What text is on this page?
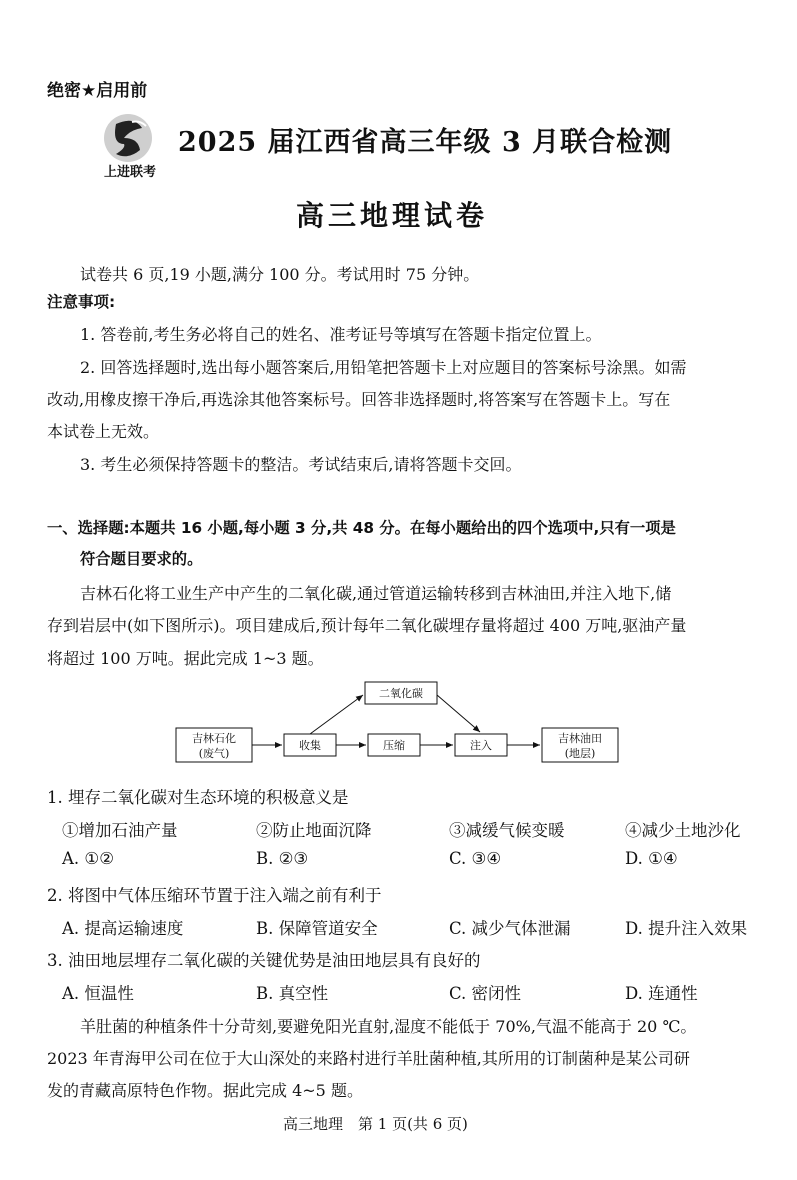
绝密★启用前
上进联考
2025 届江西省高三年级 3 月联合检测
高三地理试卷
试卷共 6 页,19 小题,满分 100 分。考试用时 75 分钟。
注意事项:
1. 答卷前,考生务必将自己的姓名、准考证号等填写在答题卡指定位置上。
2. 回答选择题时,选出每小题答案后,用铅笔把答题卡上对应题目的答案标号涂黑。如需
改动,用橡皮擦干净后,再选涂其他答案标号。回答非选择题时,将答案写在答题卡上。写在
本试卷上无效。
3. 考生必须保持答题卡的整洁。考试结束后,请将答题卡交回。
一、选择题:本题共 16 小题,每小题 3 分,共 48 分。在每小题给出的四个选项中,只有一项是
符合题目要求的。
吉林石化将工业生产中产生的二氧化碳,通过管道运输转移到吉林油田,并注入地下,储
存到岩层中(如下图所示)。项目建成后,预计每年二氧化碳埋存量将超过 400 万吨,驱油产量
将超过 100 万吨。据此完成 1~3 题。
吉林石化
(废气)
收集	压缩	注入
二氧化碳
吉林油田
(地层)
1. 埋存二氧化碳对生态环境的积极意义是
①增加石油产量	②防止地面沉降	③减缓气候变暖	④减少土地沙化
A. ①②	B. ②③	C. ③④	D. ①④
2. 将图中气体压缩环节置于注入端之前有利于
A. 提高运输速度	B. 保障管道安全	C. 减少气体泄漏	D. 提升注入效果
3. 油田地层埋存二氧化碳的关键优势是油田地层具有良好的
A. 恒温性	B. 真空性	C. 密闭性	D. 连通性
羊肚菌的种植条件十分苛刻,要避免阳光直射,湿度不能低于 70%,气温不能高于 20 ℃。
2023 年青海甲公司在位于大山深处的来路村进行羊肚菌种植,其所用的订制菌种是某公司研
发的青藏高原特色作物。据此完成 4~5 题。
高三地理　第 1 页(共 6 页)
